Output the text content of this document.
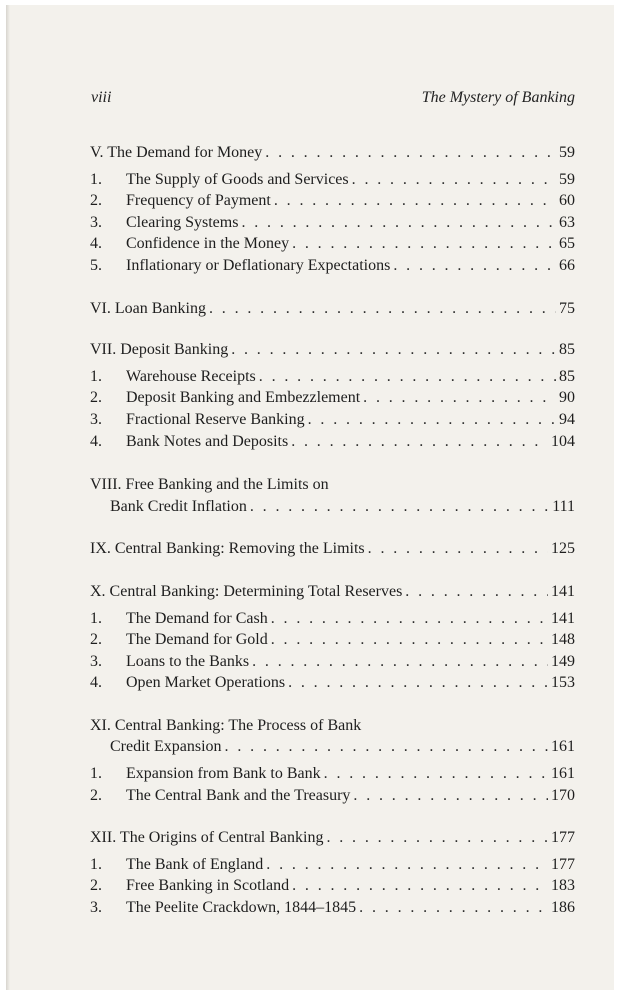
viii	The Mystery of Banking
V. The Demand for Money . . .	59
1.	The Supply of Goods and Services . . .	59
2.	Frequency of Payment . . .	60
3.	Clearing Systems . . .	63
4.	Confidence in the Money . . .	65
5.	Inflationary or Deflationary Expectations . . .	66
VI. Loan Banking . . .	75
VII. Deposit Banking . . .	85
1.	Warehouse Receipts . . .	85
2.	Deposit Banking and Embezzlement . . .	90
3.	Fractional Reserve Banking . . .	94
4.	Bank Notes and Deposits . . .	104
VIII. Free Banking and the Limits on
Bank Credit Inflation . . .	111
IX. Central Banking: Removing the Limits . . .	125
X. Central Banking: Determining Total Reserves . . .	141
1.	The Demand for Cash . . .	141
2.	The Demand for Gold . . .	148
3.	Loans to the Banks . . .	149
4.	Open Market Operations . . .	153
XI. Central Banking: The Process of Bank
Credit Expansion . . .	161
1.	Expansion from Bank to Bank . . .	161
2.	The Central Bank and the Treasury . . .	170
XII. The Origins of Central Banking . . .	177
1.	The Bank of England . . .	177
2.	Free Banking in Scotland . . .	183
3.	The Peelite Crackdown, 1844–1845 . . .	186
